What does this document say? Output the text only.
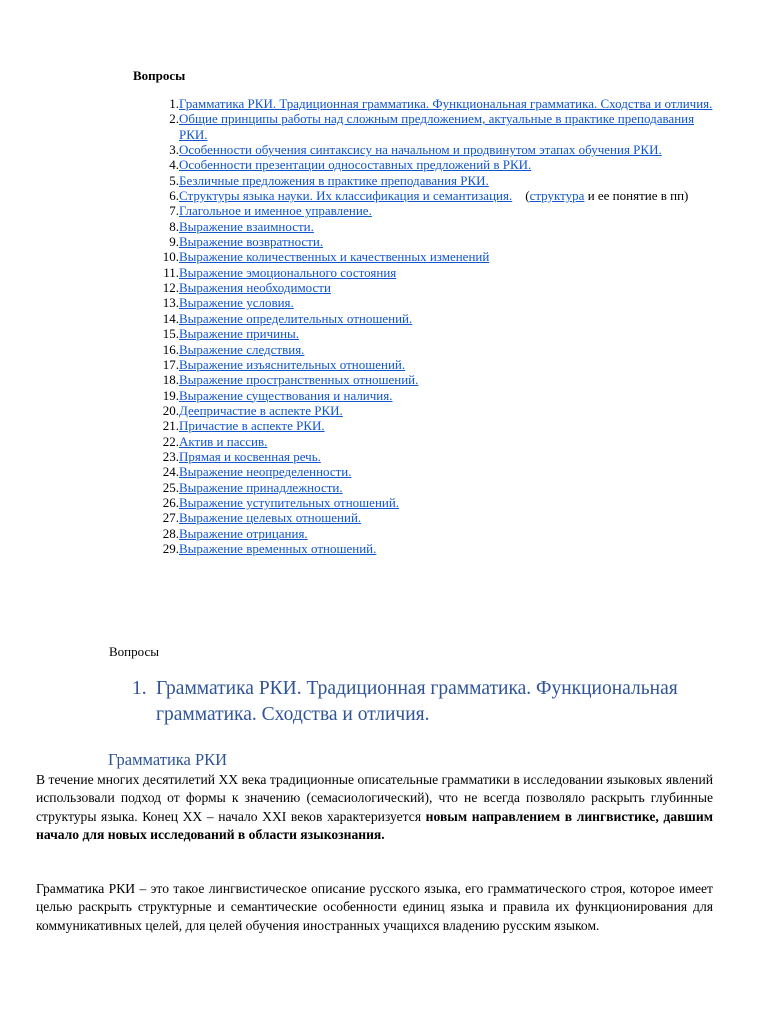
Вопросы
1. Грамматика РКИ. Традиционная грамматика. Функциональная грамматика. Сходства и отличия.
2. Общие принципы работы над сложным предложением, актуальные в практике преподавания РКИ.
3. Особенности обучения синтаксису на начальном и продвинутом этапах обучения РКИ.
4. Особенности презентации односоставных предложений в РКИ.
5. Безличные предложения в практике преподавания РКИ.
6. Структуры языка науки. Их классификация и семантизация.    (структура и ее понятие в пп)
7. Глагольное и именное управление.
8. Выражение взаимности.
9. Выражение возвратности.
10. Выражение количественных и качественных изменений
11. Выражение эмоционального состояния
12. Выражения необходимости
13. Выражение условия.
14. Выражение определительных отношений.
15. Выражение причины.
16. Выражение следствия.
17. Выражение изъяснительных отношений.
18. Выражение пространственных отношений.
19. Выражение существования и наличия.
20. Деепричастие в аспекте РКИ.
21. Причастие в аспекте РКИ.
22. Актив и пассив.
23. Прямая и косвенная речь.
24. Выражение неопределенности.
25. Выражение принадлежности.
26. Выражение уступительных отношений.
27. Выражение целевых отношений.
28. Выражение отрицания.
29. Выражение временных отношений.
Вопросы
1. Грамматика РКИ. Традиционная грамматика. Функциональная грамматика. Сходства и отличия.
Грамматика РКИ

В течение многих десятилетий XX века традиционные описательные грамматики в исследовании языковых явлений использовали подход от формы к значению (семасиологический), что не всегда позволяло раскрыть глубинные структуры языка. Конец XX – начало XXI веков характеризуется новым направлением в лингвистике, давшим начало для новых исследований в области языкознания.

Грамматика РКИ – это такое лингвистическое описание русского языка, его грамматического строя, которое имеет целью раскрыть структурные и семантические особенности единиц языка и правила их функционирования для коммуникативных целей, для целей обучения иностранных учащихся владению русским языком.
